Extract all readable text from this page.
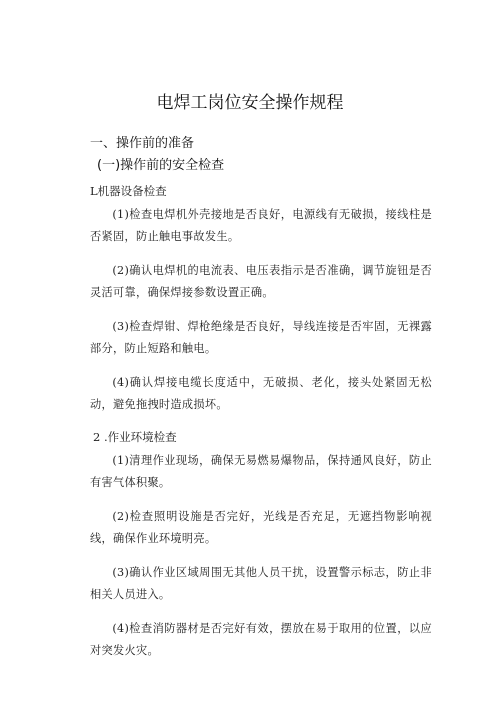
电焊工岗位安全操作规程
一、操作前的准备
(一)操作前的安全检查
L机器设备检查
(1)检查电焊机外壳接地是否良好，电源线有无破损，接线柱是否紧固，防止触电事故发生。
(2)确认电焊机的电流表、电压表指示是否准确，调节旋钮是否灵活可靠，确保焊接参数设置正确。
(3)检查焊钳、焊枪绝缘是否良好，导线连接是否牢固，无裸露部分，防止短路和触电。
(4)确认焊接电缆长度适中，无破损、老化，接头处紧固无松动，避免拖拽时造成损坏。
2 .作业环境检查
(1)清理作业现场，确保无易燃易爆物品，保持通风良好，防止有害气体积聚。
(2)检查照明设施是否完好，光线是否充足，无遮挡物影响视线，确保作业环境明亮。
(3)确认作业区域周围无其他人员干扰，设置警示标志，防止非相关人员进入。
(4)检查消防器材是否完好有效，摆放在易于取用的位置，以应对突发火灾。
